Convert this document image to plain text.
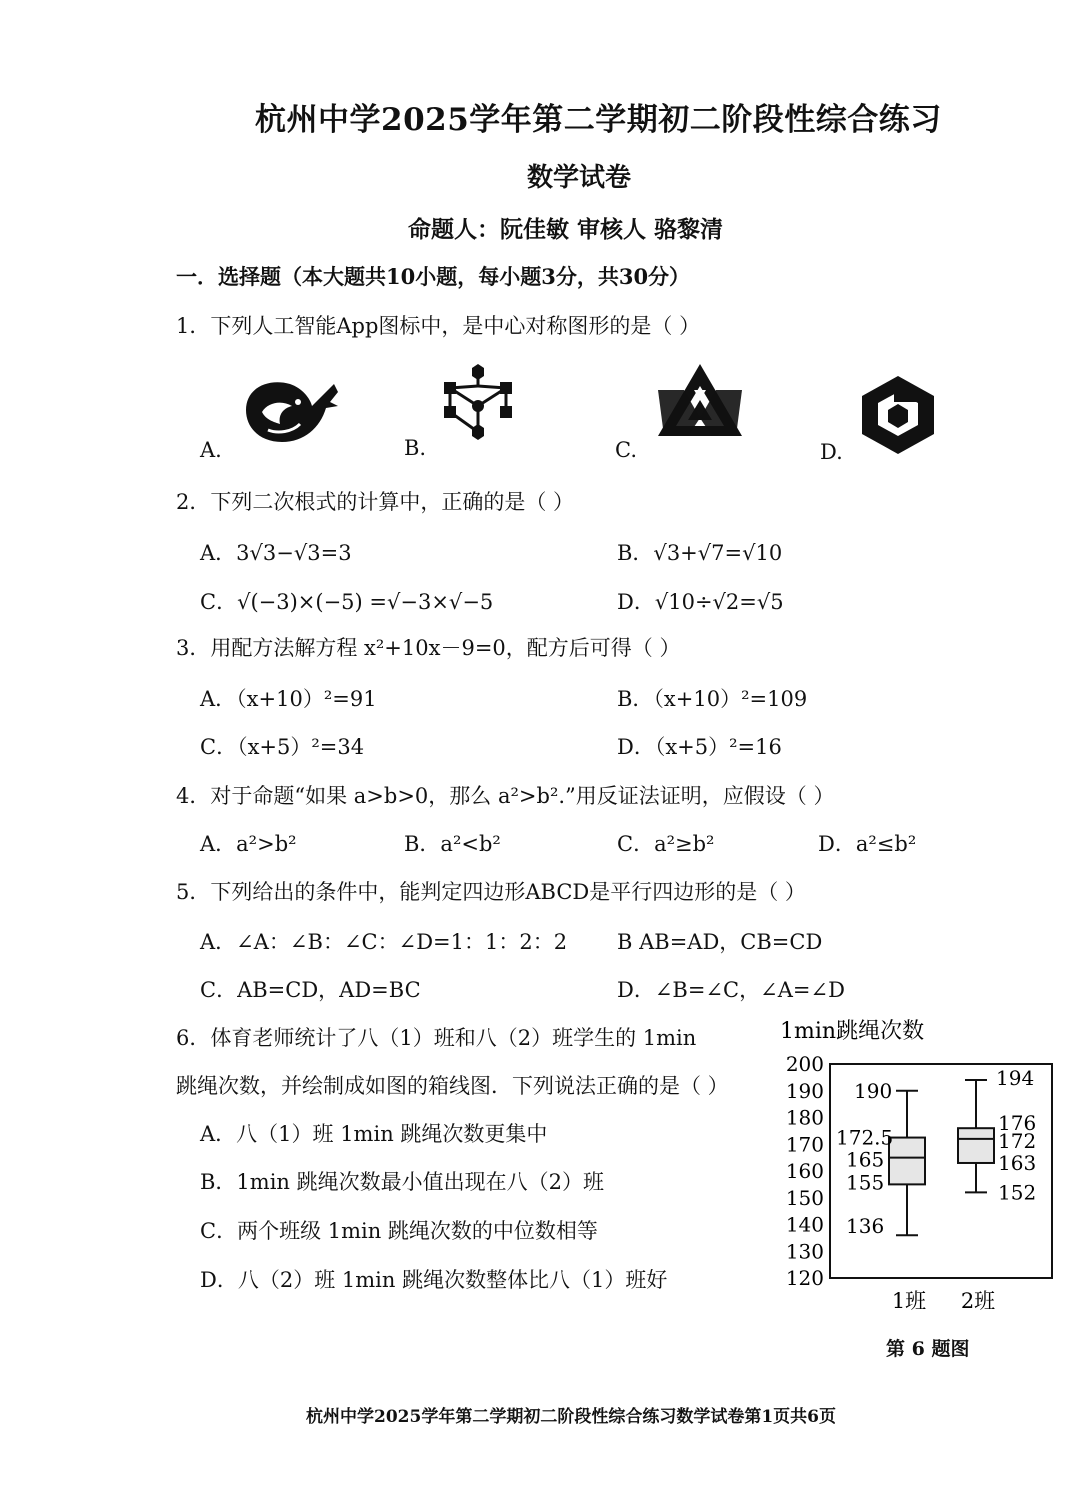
杭州中学2025学年第二学期初二阶段性综合练习
数学试卷
命题人：阮佳敏 审核人 骆黎清
一．选择题（本大题共10小题，每小题3分，共30分）
1．下列人工智能App图标中，是中心对称图形的是（ ）
A.	B.	C.	D.
2．下列二次根式的计算中，正确的是（ ）
A．3√3−√3=3	B．√3+√7=√10
C．√(−3)×(−5) =√−3×√−5	D．√10÷√2=√5
3．用配方法解方程 x²+10x－9=0，配方后可得（ ）
A．（x+10）²=91	B．（x+10）²=109
C．（x+5）²=34	D．（x+5）²=16
4．对于命题“如果 a>b>0，那么 a²>b².”用反证法证明，应假设（ ）
A．a²>b²	B．a²<b²	C．a²≥b²	D．a²≤b²
5．下列给出的条件中，能判定四边形ABCD是平行四边形的是（ ）
A．∠A：∠B：∠C：∠D=1：1：2：2 B AB=AD，CB=CD
C．AB=CD，AD=BC	D．∠B=∠C，∠A=∠D
6．体育老师统计了八（1）班和八（2）班学生的 1min
跳绳次数，并绘制成如图的箱线图．下列说法正确的是（ ）
A．八（1）班 1min 跳绳次数更集中
B．1min 跳绳次数最小值出现在八（2）班
C．两个班级 1min 跳绳次数的中位数相等
D．八（2）班 1min 跳绳次数整体比八（1）班好
1min跳绳次数
120
130
140
150
160
170
180
190
200
190
172.5
165
155
136
194
176
172
163
152
1班 2班
第 6 题图
杭州中学2025学年第二学期初二阶段性综合练习数学试卷第1页共6页
